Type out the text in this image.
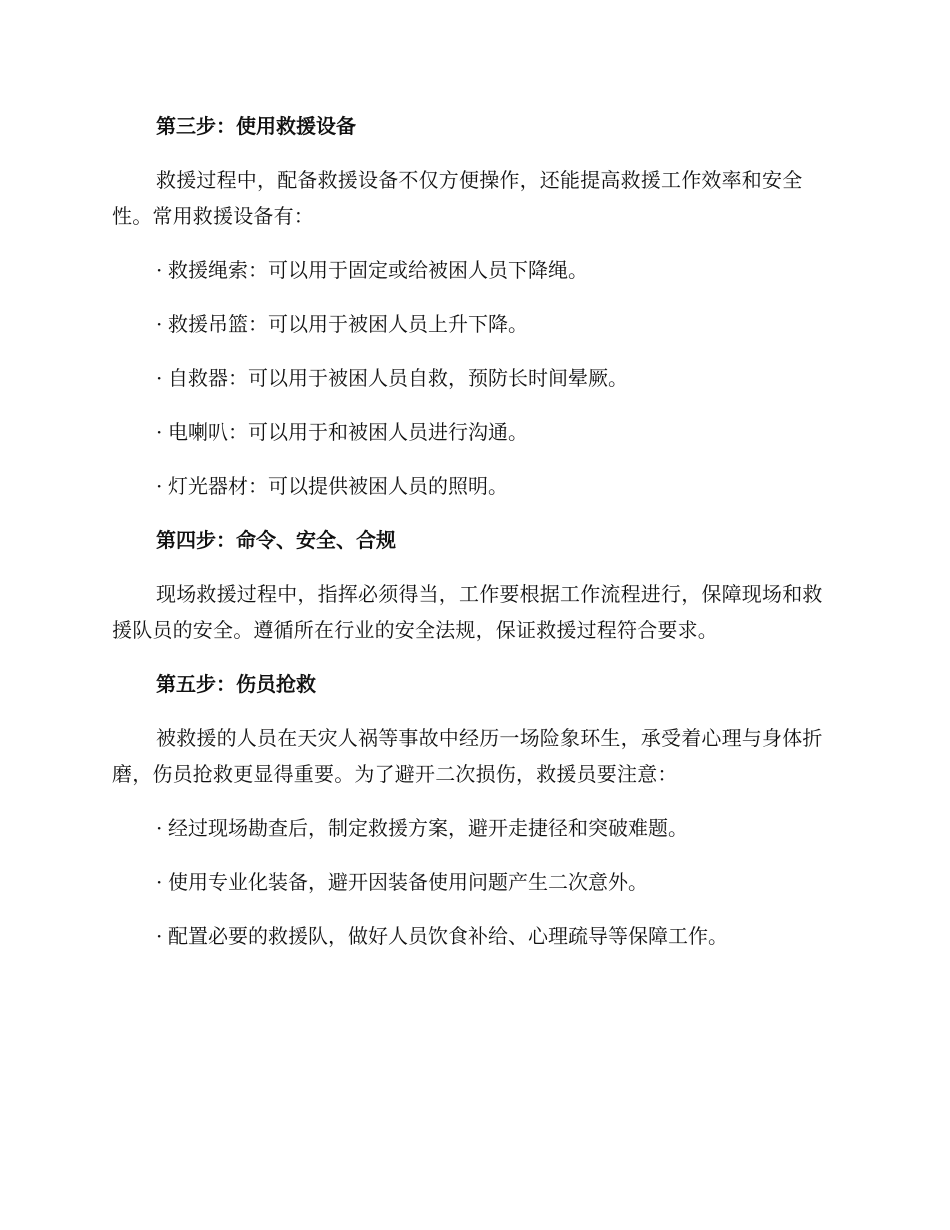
第三步：使用救援设备
救援过程中，配备救援设备不仅方便操作，还能提高救援工作效率和安全性。常用救援设备有：
· 救援绳索：可以用于固定或给被困人员下降绳。
· 救援吊篮：可以用于被困人员上升下降。
· 自救器：可以用于被困人员自救，预防长时间晕厥。
· 电喇叭：可以用于和被困人员进行沟通。
· 灯光器材：可以提供被困人员的照明。
第四步：命令、安全、合规
现场救援过程中，指挥必须得当，工作要根据工作流程进行，保障现场和救援队员的安全。遵循所在行业的安全法规，保证救援过程符合要求。
第五步：伤员抢救
被救援的人员在天灾人祸等事故中经历一场险象环生，承受着心理与身体折磨，伤员抢救更显得重要。为了避开二次损伤，救援员要注意：
· 经过现场勘查后，制定救援方案，避开走捷径和突破难题。
· 使用专业化装备，避开因装备使用问题产生二次意外。
· 配置必要的救援队，做好人员饮食补给、心理疏导等保障工作。
